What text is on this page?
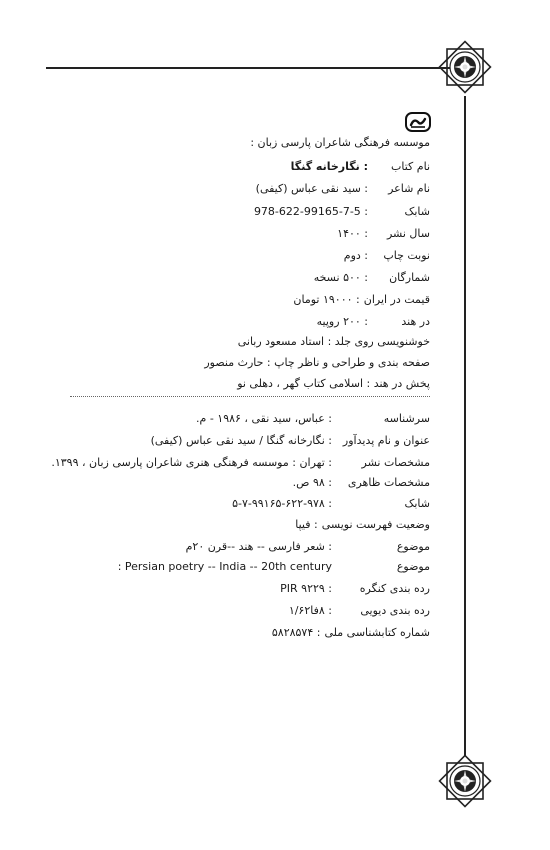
موسسه فرهنگی شاعران پارسی زبان :
نام کتاب: نگارخانه گنگا
نام شاعر: سید نقی عباس (کیفی)
شابک: 978-622-99165-7-5
سال نشر: ۱۴۰۰
نوبت چاپ: دوم
شمارگان: ۵۰۰ نسخه
قیمت در ایران: ۱۹۰۰۰ تومان
در هند: ۲۰۰ روپیه
خوشنویسی روی جلد : استاد مسعود ربانی
صفحه بندی و طراحی و ناظر چاپ : حارث منصور
پخش در هند : اسلامی کتاب گهر ، دهلی نو
سرشناسه: عباس، سید نقی ، ۱۹۸۶ - م.
عنوان و نام پدیدآور: نگارخانه گنگا / سید نقی عباس (کیفی)
مشخصات نشر: تهران : موسسه فرهنگی هنری شاعران پارسی زبان ، ۱۳۹۹.
مشخصات ظاهری: ۹۸ ص.
شابک: ۵-۷-۹۹۱۶۵-۶۲۲-۹۷۸
وضعیت فهرست نویسی: فیپا
موضوع: شعر فارسی -- هند --قرن ۲۰م
موضوع: Persian poetry -- India -- 20th century
رده بندی کنگره: PIR ۹۲۲۹
رده بندی دیویی: ۸فا۱/۶۲
شماره کتابشناسی ملی: ۵۸۲۸۵۷۴
